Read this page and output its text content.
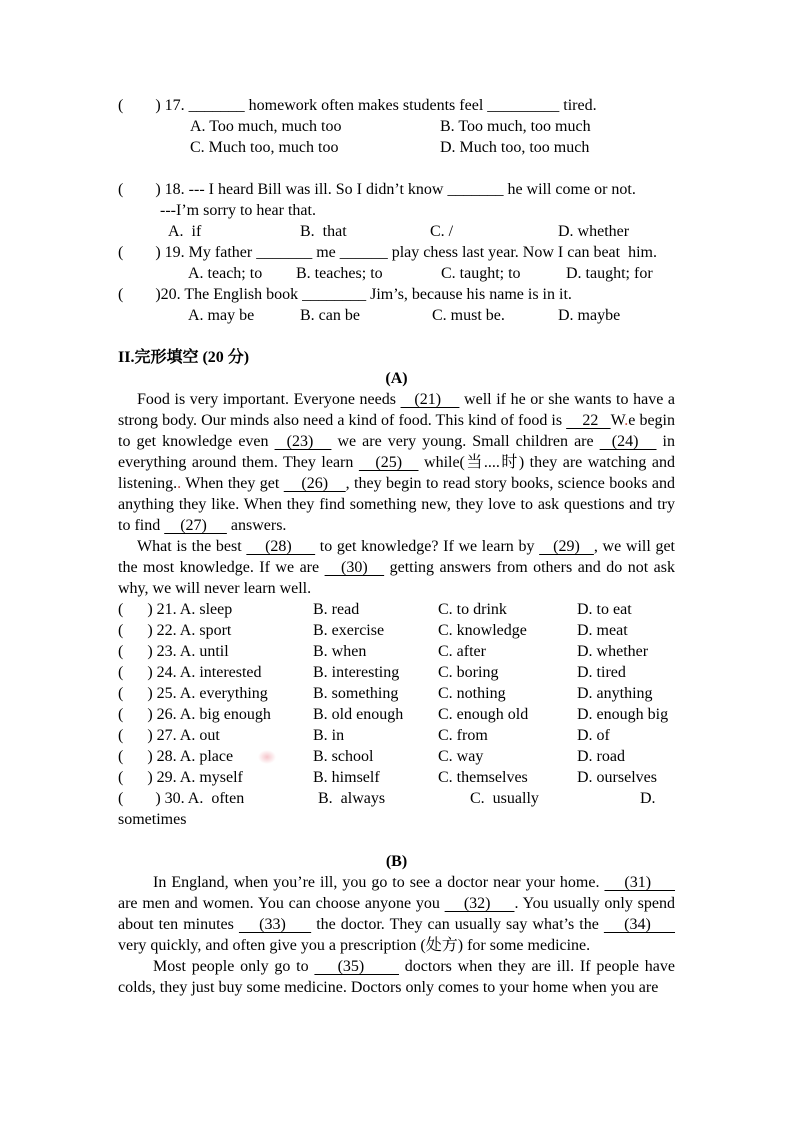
(        ) 17. _______ homework often makes students feel _________ tired.
A. Too much, much too	B. Too much, too much
C. Much too, much too	D. Much too, too much
(        ) 18. --- I heard Bill was ill. So I didn’t know _______ he will come or not.
---I’m sorry to hear that.
A.  if	B.  that	C. /	D. whether
(        ) 19. My father _______ me ______ play chess last year. Now I can beat  him.
A. teach; to	B. teaches; to	C. taught; to	D. taught; for
(        )20. The English book ________ Jim’s, because his name is in it.
A. may be	B. can be	C. must be.	D. maybe
II.完形填空 (20 分)
(A)

Food is very important. Everyone needs    (21)     well if he or she wants to have a strong body. Our minds also need a kind of food. This kind of food is     22   W.e begin to get knowledge even   (23)    we are very young. Small children are   (24)    in everything around them. They learn    (25)    while(当....时) they are watching and listening.. When they get     (26)    , they begin to read story books, science books and anything they like. When they find something new, they love to ask questions and try to find     (27)      answers.

What is the best     (28)      to get knowledge? If we learn by    (29)   , we will get the most knowledge. If we are    (30)    getting answers from others and do not ask why, we will never learn well.

(      ) 21. A. sleep	B. read	C. to drink	D. to eat
(      ) 22. A. sport	B. exercise	C. knowledge	D. meat
(      ) 23. A. until	B. when	C. after	D. whether
(      ) 24. A. interested	B. interesting	C. boring	D. tired
(      ) 25. A. everything	B. something	C. nothing	D. anything
(      ) 26. A. big enough	B. old enough	C. enough old	D. enough big
(      ) 27. A. out	B. in	C. from	D. of
(      ) 28. A. place	B. school	C. way	D. road
(      ) 29. A. myself	B. himself	C. themselves	D. ourselves
(        ) 30. A.  often	B.  always	C.  usually	D.
sometimes
(B)

In England, when you’re ill, you go to see a doctor near your home.     (31)      are men and women. You can choose anyone you     (32)     . You usually only spend about ten minutes     (33)      the doctor. They can usually say what’s the     (34)      very quickly, and often give you a prescription (处方) for some medicine.

Most people only go to     (35)       doctors when they are ill. If people have colds, they just buy some medicine. Doctors only comes to your home when you are
